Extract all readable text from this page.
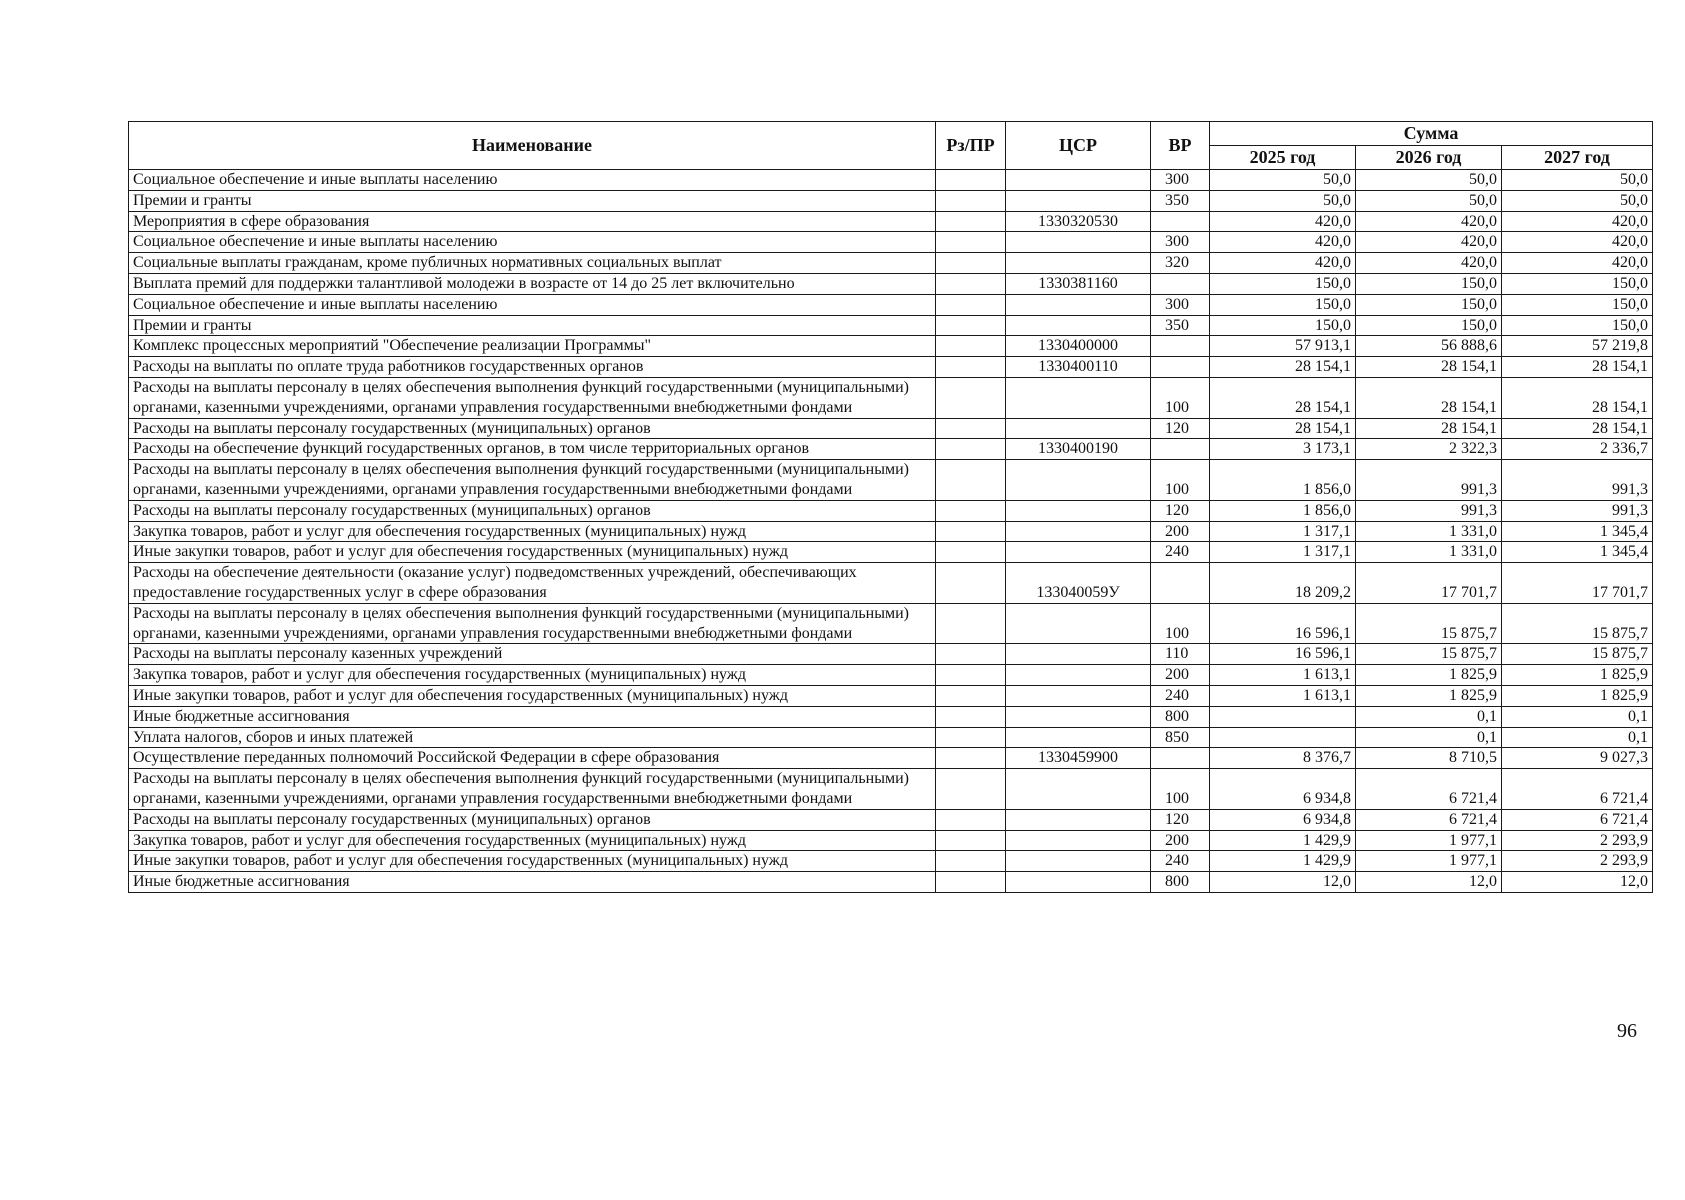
Наименование	Рз/ПР	ЦСР	ВР	Сумма		
				2025 год	2026 год	2027 год
Социальное обеспечение и иные выплаты населению			300	50,0	50,0	50,0
Премии и гранты			350	50,0	50,0	50,0
Мероприятия в сфере образования		1330320530		420,0	420,0	420,0
Социальное обеспечение и иные выплаты населению			300	420,0	420,0	420,0
Социальные выплаты гражданам, кроме публичных нормативных социальных выплат			320	420,0	420,0	420,0
Выплата премий для поддержки талантливой молодежи в возрасте от 14 до 25 лет включительно		1330381160		150,0	150,0	150,0
Социальное обеспечение и иные выплаты населению			300	150,0	150,0	150,0
Премии и гранты			350	150,0	150,0	150,0
Комплекс процессных мероприятий "Обеспечение реализации Программы"		1330400000		57 913,1	56 888,6	57 219,8
Расходы на выплаты по оплате труда работников государственных органов		1330400110		28 154,1	28 154,1	28 154,1
Расходы на выплаты персоналу в целях обеспечения выполнения функций государственными (муниципальными) органами, казенными учреждениями, органами управления государственными внебюджетными фондами			100	28 154,1	28 154,1	28 154,1
Расходы на выплаты персоналу государственных (муниципальных) органов			120	28 154,1	28 154,1	28 154,1
Расходы на обеспечение функций государственных органов, в том числе территориальных органов		1330400190		3 173,1	2 322,3	2 336,7
Расходы на выплаты персоналу в целях обеспечения выполнения функций государственными (муниципальными) органами, казенными учреждениями, органами управления государственными внебюджетными фондами			100	1 856,0	991,3	991,3
Расходы на выплаты персоналу государственных (муниципальных) органов			120	1 856,0	991,3	991,3
Закупка товаров, работ и услуг для обеспечения государственных (муниципальных) нужд			200	1 317,1	1 331,0	1 345,4
Иные закупки товаров, работ и услуг для обеспечения государственных (муниципальных) нужд			240	1 317,1	1 331,0	1 345,4
Расходы на обеспечение деятельности (оказание услуг) подведомственных учреждений, обеспечивающих предоставление государственных услуг в сфере образования		133040059У		18 209,2	17 701,7	17 701,7
Расходы на выплаты персоналу в целях обеспечения выполнения функций государственными (муниципальными) органами, казенными учреждениями, органами управления государственными внебюджетными фондами			100	16 596,1	15 875,7	15 875,7
Расходы на выплаты персоналу казенных учреждений			110	16 596,1	15 875,7	15 875,7
Закупка товаров, работ и услуг для обеспечения государственных (муниципальных) нужд			200	1 613,1	1 825,9	1 825,9
Иные закупки товаров, работ и услуг для обеспечения государственных (муниципальных) нужд			240	1 613,1	1 825,9	1 825,9
Иные бюджетные ассигнования			800		0,1	0,1
Уплата налогов, сборов и иных платежей			850		0,1	0,1
Осуществление переданных полномочий Российской Федерации в сфере образования		1330459900		8 376,7	8 710,5	9 027,3
Расходы на выплаты персоналу в целях обеспечения выполнения функций государственными (муниципальными) органами, казенными учреждениями, органами управления государственными внебюджетными фондами			100	6 934,8	6 721,4	6 721,4
Расходы на выплаты персоналу государственных (муниципальных) органов			120	6 934,8	6 721,4	6 721,4
Закупка товаров, работ и услуг для обеспечения государственных (муниципальных) нужд			200	1 429,9	1 977,1	2 293,9
Иные закупки товаров, работ и услуг для обеспечения государственных (муниципальных) нужд			240	1 429,9	1 977,1	2 293,9
Иные бюджетные ассигнования			800	12,0	12,0	12,0
96
